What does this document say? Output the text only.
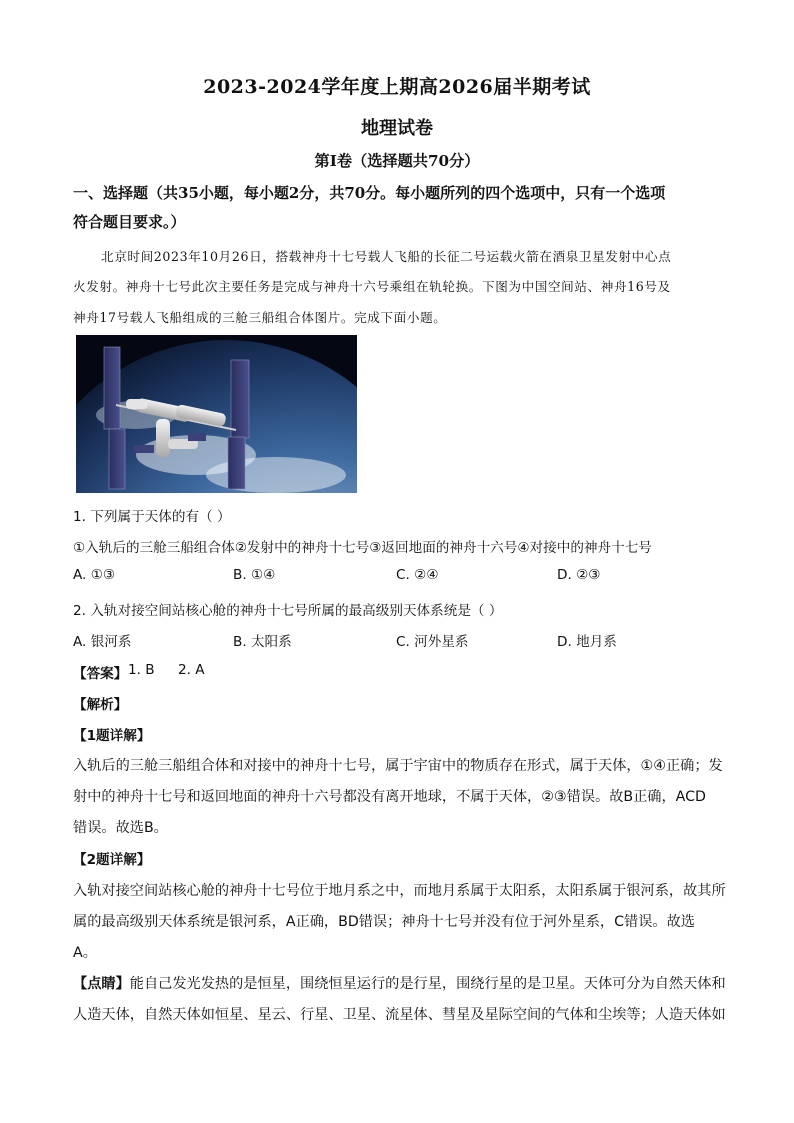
2023-2024学年度上期高2026届半期考试
地理试卷
第Ⅰ卷（选择题共70分）
一、选择题（共35小题，每小题2分，共70分。每小题所列的四个选项中，只有一个选项
符合题目要求。）
北京时间2023年10月26日，搭载神舟十七号载人飞船的长征二号运载火箭在酒泉卫星发射中心点
火发射。神舟十七号此次主要任务是完成与神舟十六号乘组在轨轮换。下图为中国空间站、神舟16号及
神舟17号载人飞船组成的三舱三船组合体图片。完成下面小题。
1. 下列属于天体的有（ ）
①入轨后的三舱三船组合体②发射中的神舟十七号③返回地面的神舟十六号④对接中的神舟十七号
A. ①③	B. ①④	C. ②④	D. ②③
2. 入轨对接空间站核心舱的神舟十七号所属的最高级别天体系统是（ ）
A. 银河系	B. 太阳系	C. 河外星系	D. 地月系
【答案】 1. B 2. A
【解析】
【1题详解】
入轨后的三舱三船组合体和对接中的神舟十七号，属于宇宙中的物质存在形式，属于天体，①④正确；发
射中的神舟十七号和返回地面的神舟十六号都没有离开地球，不属于天体，②③错误。故B正确，ACD
错误。故选B。
【2题详解】
入轨对接空间站核心舱的神舟十七号位于地月系之中，而地月系属于太阳系，太阳系属于银河系，故其所
属的最高级别天体系统是银河系，A正确，BD错误；神舟十七号并没有位于河外星系，C错误。故选
A。
【点睛】能自己发光发热的是恒星，围绕恒星运行的是行星，围绕行星的是卫星。天体可分为自然天体和
人造天体，自然天体如恒星、星云、行星、卫星、流星体、彗星及星际空间的气体和尘埃等；人造天体如
